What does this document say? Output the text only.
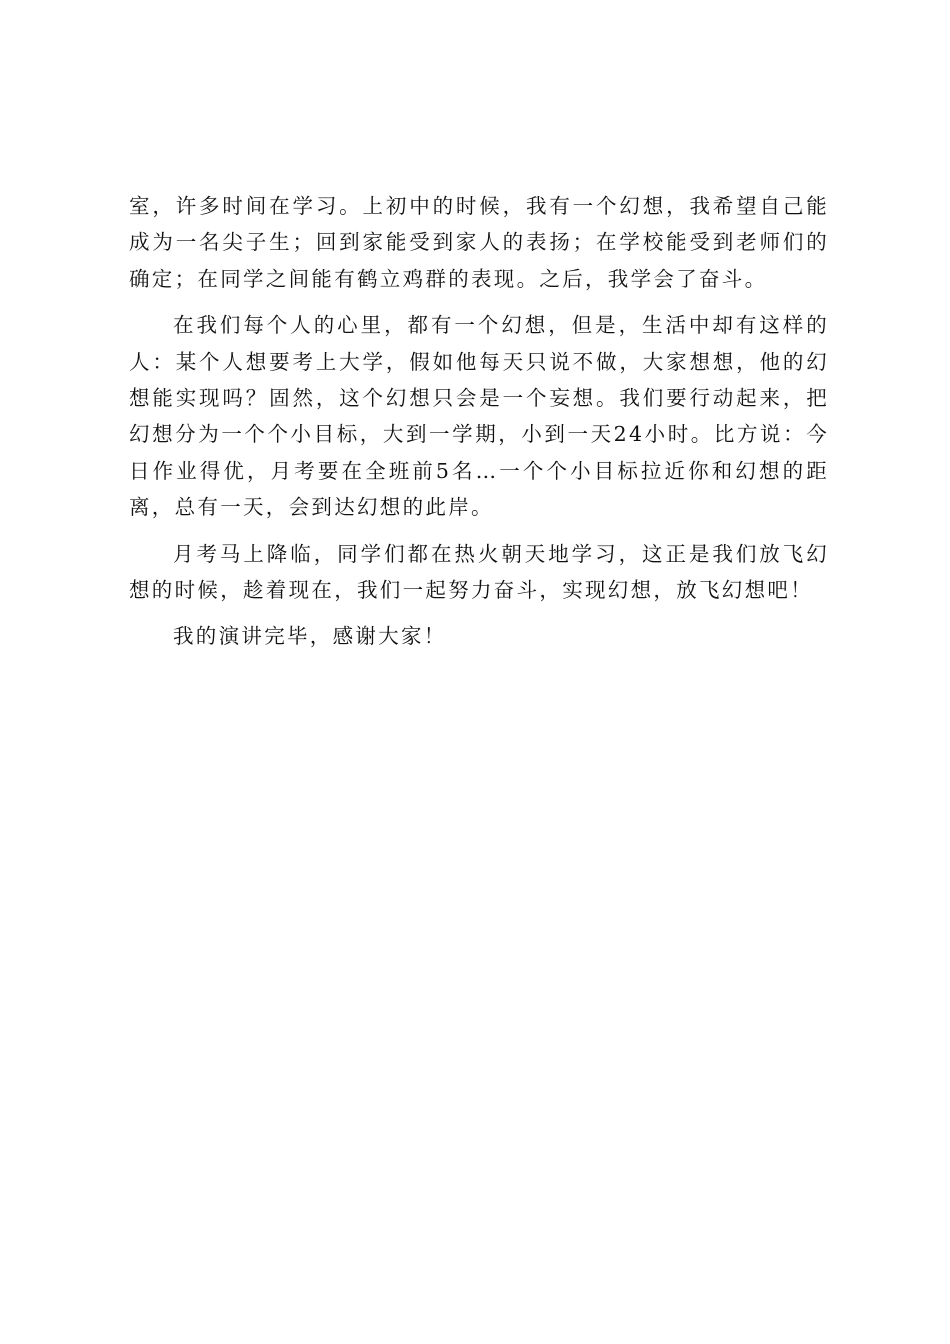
室，许多时间在学习。上初中的时候，我有一个幻想，我希望自己能成为一名尖子生；回到家能受到家人的表扬；在学校能受到老师们的确定；在同学之间能有鹤立鸡群的表现。之后，我学会了奋斗。

在我们每个人的心里，都有一个幻想，但是，生活中却有这样的人：某个人想要考上大学，假如他每天只说不做，大家想想，他的幻想能实现吗？固然，这个幻想只会是一个妄想。我们要行动起来，把幻想分为一个个小目标，大到一学期，小到一天24小时。比方说：今日作业得优，月考要在全班前5名…一个个小目标拉近你和幻想的距离，总有一天，会到达幻想的此岸。

月考马上降临，同学们都在热火朝天地学习，这正是我们放飞幻想的时候，趁着现在，我们一起努力奋斗，实现幻想，放飞幻想吧！

我的演讲完毕，感谢大家！
